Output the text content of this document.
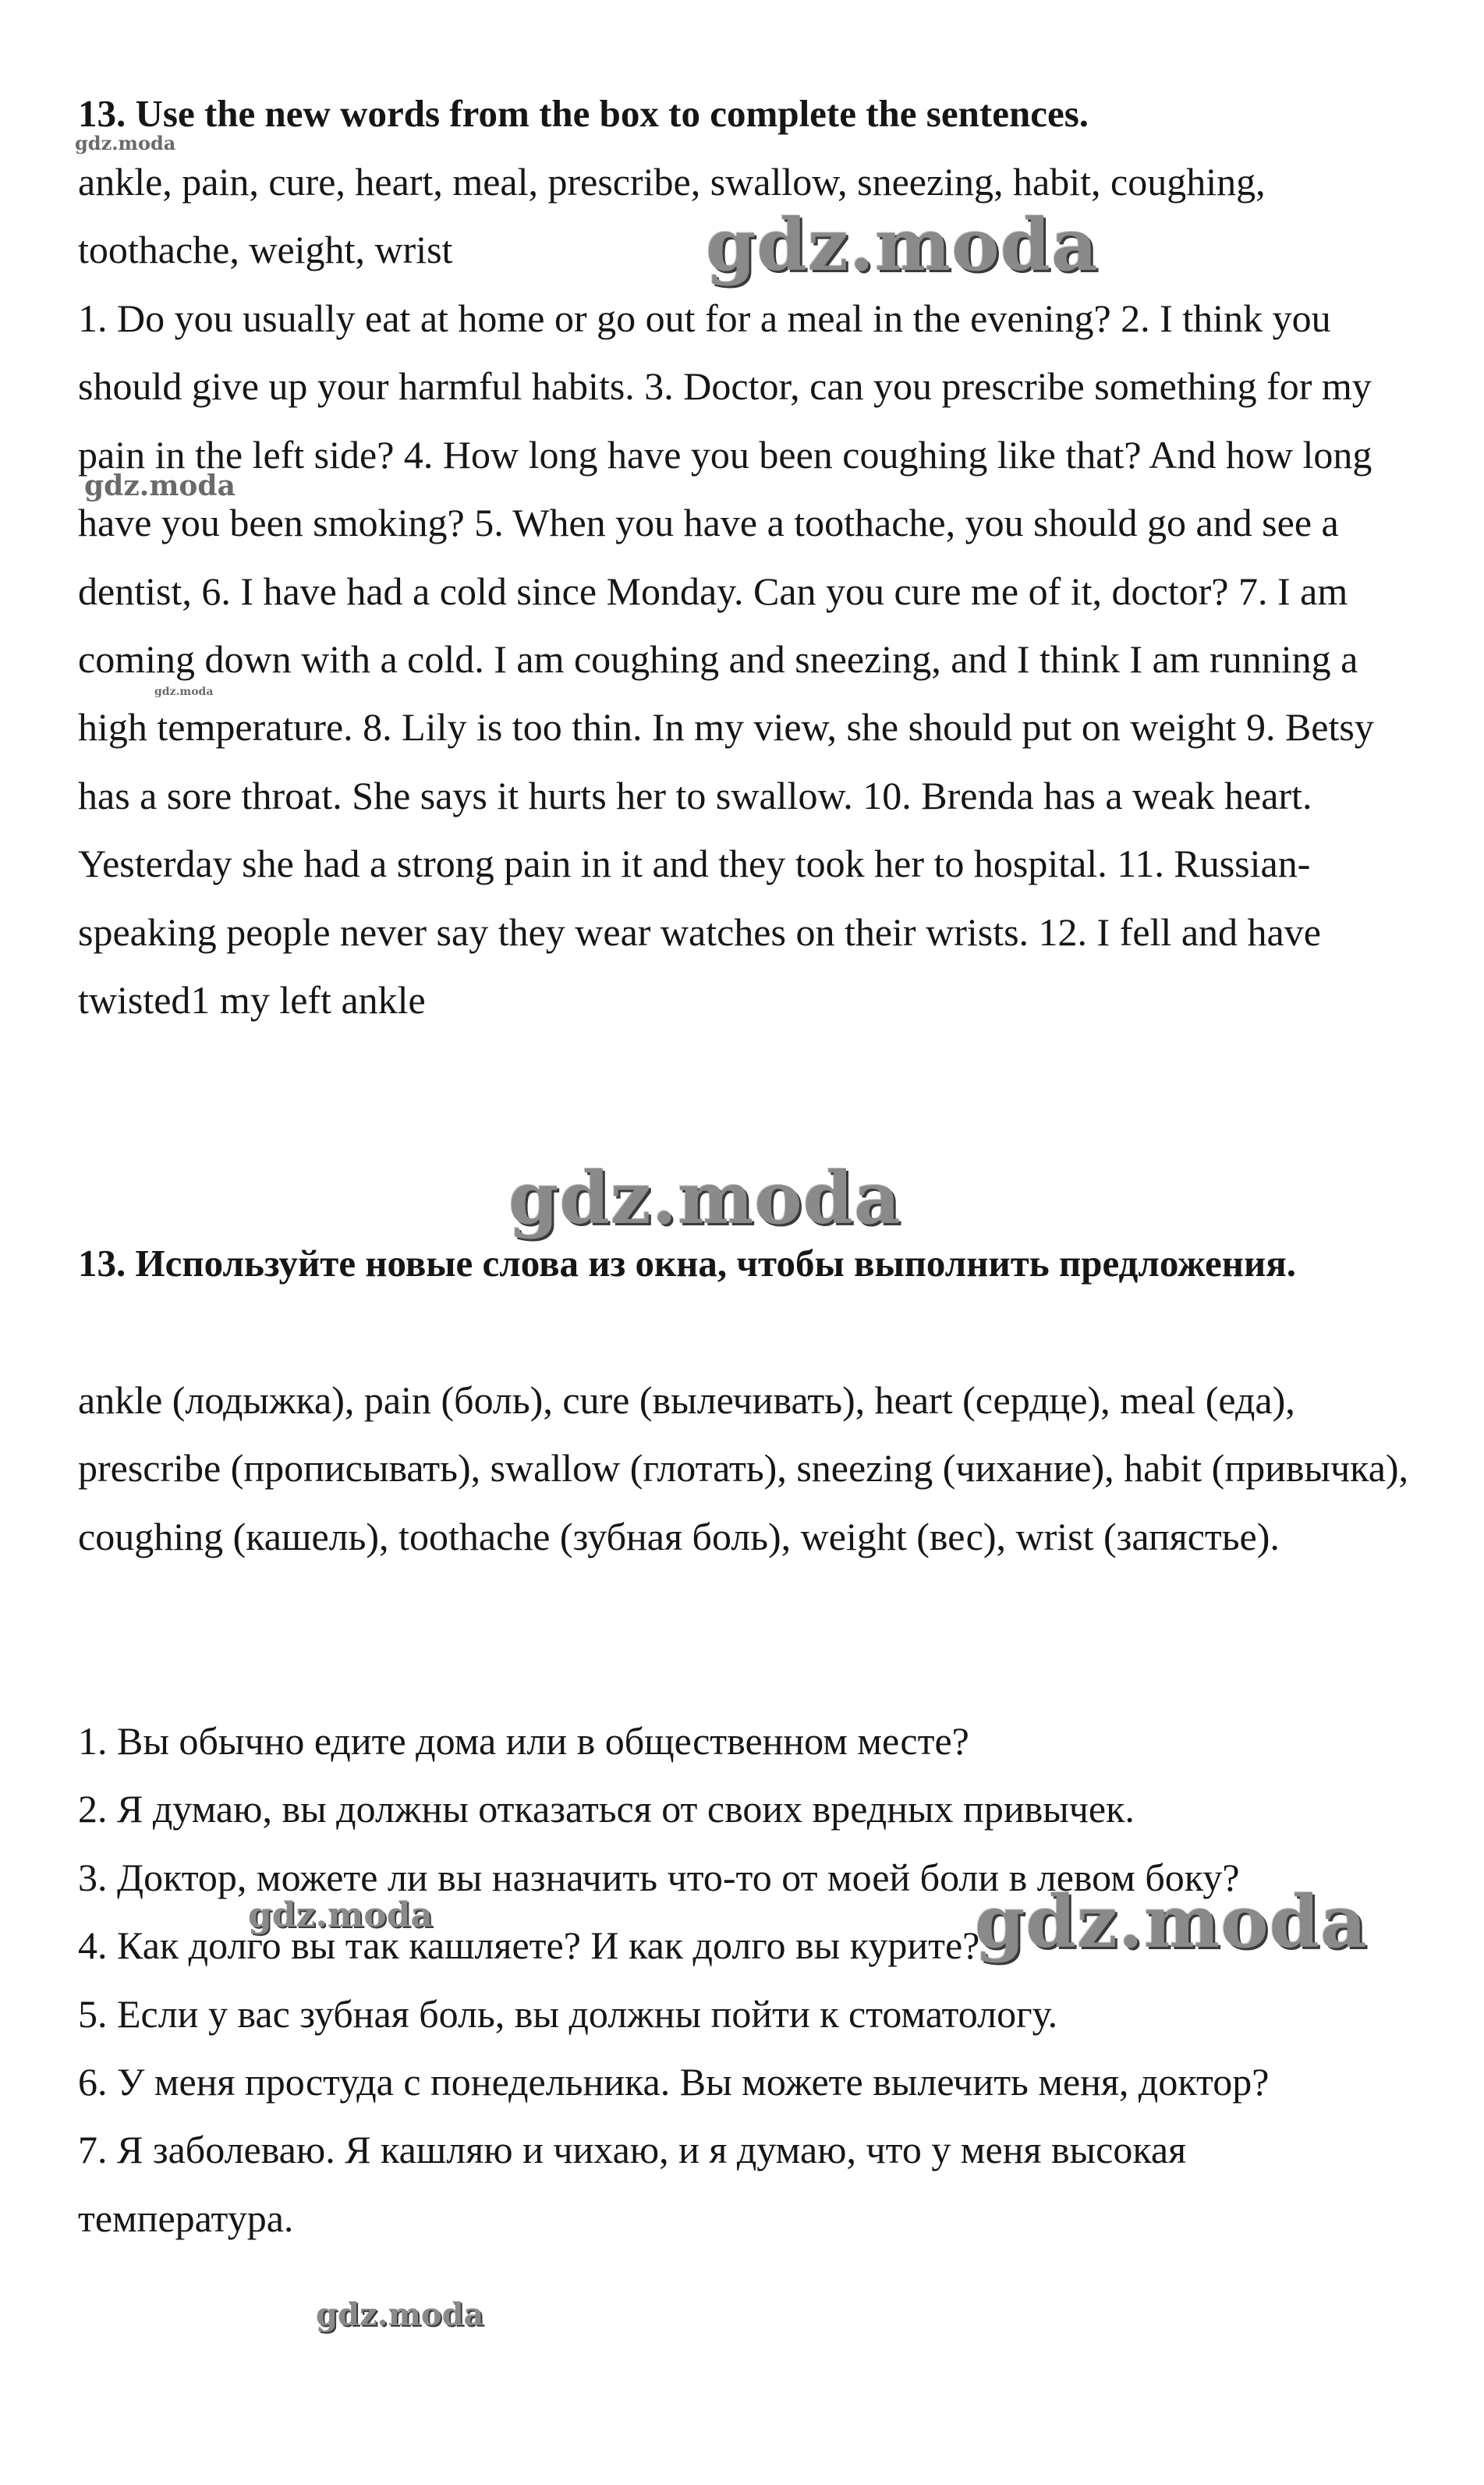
13. Use the new words from the box to complete the sentences.

ankle, pain, cure, heart, meal, prescribe, swallow, sneezing, habit, coughing, toothache, weight, wrist

1. Do you usually eat at home or go out for a meal in the evening? 2. I think you should give up your harmful habits. 3. Doctor, can you prescribe something for my pain in the left side? 4. How long have you been coughing like that? And how long have you been smoking? 5. When you have a toothache, you should go and see a dentist, 6. I have had a cold since Monday. Can you cure me of it, doctor? 7. I am coming down with a cold. I am coughing and sneezing, and I think I am running a high temperature. 8. Lily is too thin. In my view, she should put on weight 9. Betsy has a sore throat. She says it hurts her to swallow. 10. Brenda has a weak heart. Yesterday she had a strong pain in it and they took her to hospital. 11. Russian-speaking people never say they wear watches on their wrists. 12. I fell and have twisted1 my left ankle

13. Используйте новые слова из окна, чтобы выполнить предложения.

ankle (лодыжка), pain (боль), cure (вылечивать), heart (сердце), meal (еда), prescribe (прописывать), swallow (глотать), sneezing (чихание), habit (привычка), coughing (кашель), toothache (зубная боль), weight (вес), wrist (запястье).

1. Вы обычно едите дома или в общественном месте?
2. Я думаю, вы должны отказаться от своих вредных привычек.
3. Доктор, можете ли вы назначить что-то от моей боли в левом боку?
4. Как долго вы так кашляете? И как долго вы курите?
5. Если у вас зубная боль, вы должны пойти к стоматологу.
6. У меня простуда с понедельника. Вы можете вылечить меня, доктор?
7. Я заболеваю. Я кашляю и чихаю, и я думаю, что у меня высокая температура.
gdz.moda
gdz.moda
gdz.moda
gdz.moda
gdz.moda
gdz.moda	gdz.moda
gdz.moda
